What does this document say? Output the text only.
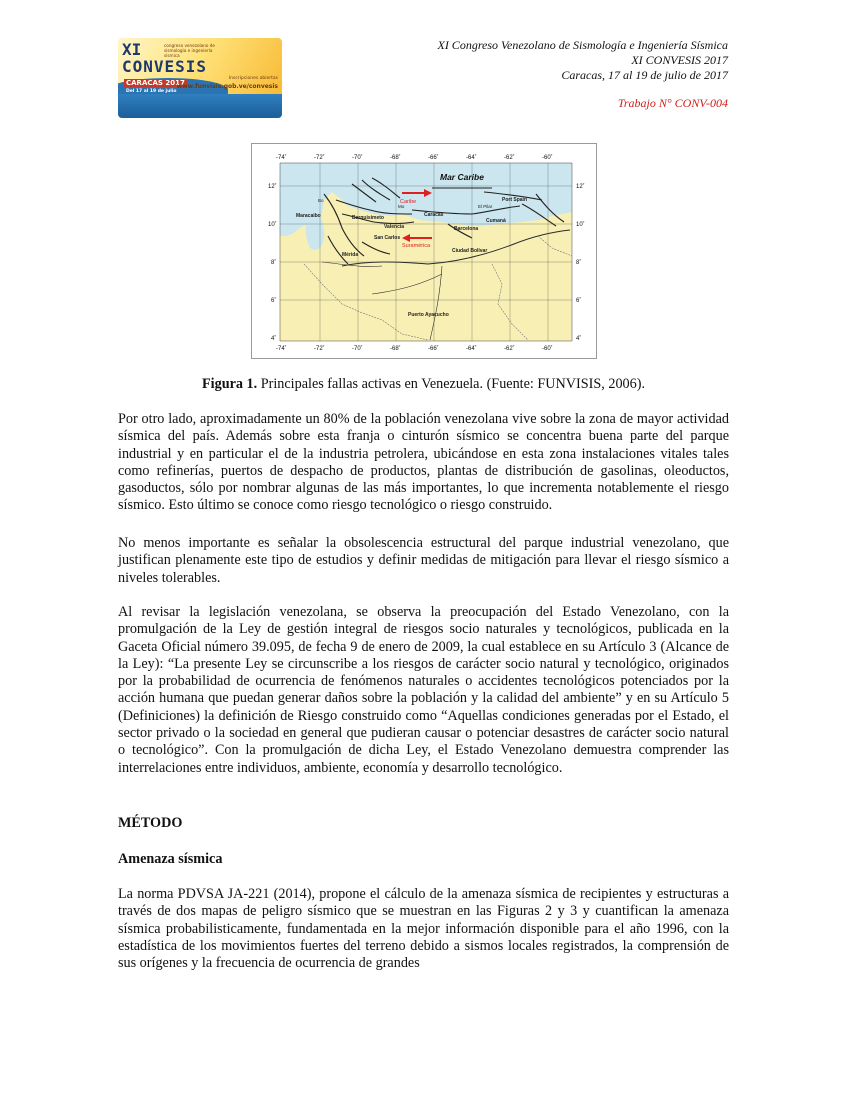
XI
CONVESIS
congreso venezolano de sismología e ingeniería sísmica
CARACAS 2017
Del 17 al 19 de julio
Inscripciones abiertas
www.funvisis.gob.ve/convesis
XI Congreso Venezolano de Sismología e Ingeniería Sísmica
XI CONVESIS 2017
Caracas, 17 al 19 de julio de 2017
Trabajo N° CONV-004
Mar Caribe
Caribe
Suramérica
Maracaibo	Barquisimeto
Valencia
Caracas
Barcelona
Cumaná
Port Spain
El Pilar
San Carlos
Mérida
Ciudad Bolívar
Puerto Ayacucho
Bo
Mo
-74˚	-72˚	-70˚	-68˚	-66˚	-64˚	-62˚	-60˚
-74˚	-72˚	-70˚	-68˚	-66˚	-64˚	-62˚	-60˚
12˚
10˚
8˚
6˚
4˚
12˚
10˚
8˚
6˚
4˚
Figura 1. Principales fallas activas en Venezuela. (Fuente: FUNVISIS, 2006).

Por otro lado, aproximadamente un 80% de la población venezolana vive sobre la zona de mayor actividad sísmica del país. Además sobre esta franja o cinturón sísmico se concentra buena parte del parque industrial y en particular el de la industria petrolera, ubicándose en esta zona instalaciones vitales tales como refinerías, puertos de despacho de productos, plantas de distribución de gasolinas, oleoductos, gasoductos, sólo por nombrar algunas de las más importantes, lo que incrementa notablemente el riesgo sísmico. Esto último se conoce como riesgo tecnológico o riesgo construido.

No menos importante es señalar la obsolescencia estructural del parque industrial venezolano, que justifican plenamente este tipo de estudios y definir medidas de mitigación para llevar el riesgo sísmico a niveles tolerables.

Al revisar la legislación venezolana, se observa la preocupación del Estado Venezolano, con la promulgación de la Ley de gestión integral de riesgos socio naturales y tecnológicos, publicada en la Gaceta Oficial número 39.095, de fecha 9 de enero de 2009, la cual establece en su Artículo 3 (Alcance de la Ley): “La presente Ley se circunscribe a los riesgos de carácter socio natural y tecnológico, originados por la probabilidad de ocurrencia de fenómenos naturales o accidentes tecnológicos potenciados por la acción humana que puedan generar daños sobre la población y la calidad del ambiente” y en su Artículo 5 (Definiciones) la definición de Riesgo construido como “Aquellas condiciones generadas por el Estado, el sector privado o la sociedad en general que pudieran causar o potenciar desastres de carácter socio natural o tecnológico”. Con la promulgación de dicha Ley, el Estado Venezolano demuestra comprender las interrelaciones entre individuos, ambiente, economía y desarrollo tecnológico.

MÉTODO

Amenaza sísmica

La norma PDVSA JA-221 (2014), propone el cálculo de la amenaza sísmica de recipientes y estructuras a través de dos mapas de peligro sísmico que se muestran en las Figuras 2 y 3 y cuantifican la amenaza sísmica probabilisticamente, fundamentada en la mejor información disponible para el año 1996, con la estadística de los movimientos fuertes del terreno debido a sismos locales registrados, la comprensión de sus orígenes y la frecuencia de ocurrencia de grandes
